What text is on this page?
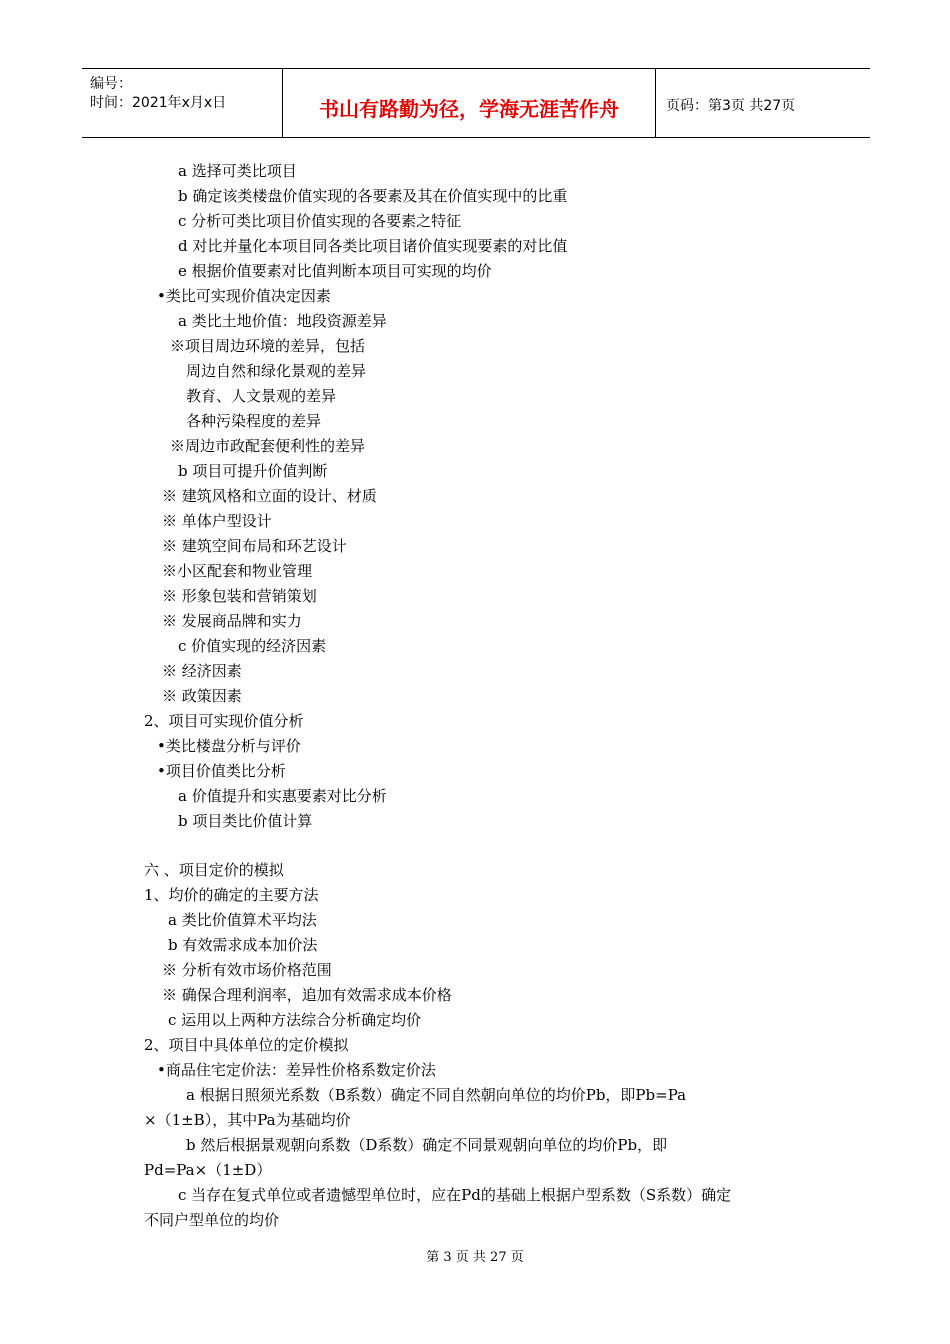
编号：
时间：2021年x月x日	书山有路勤为径，学海无涯苦作舟	页码：第3页 共27页
a 选择可类比项目
b 确定该类楼盘价值实现的各要素及其在价值实现中的比重
c 分析可类比项目价值实现的各要素之特征
d 对比并量化本项目同各类比项目诸价值实现要素的对比值
e 根据价值要素对比值判断本项目可实现的均价
•类比可实现价值决定因素
a 类比土地价值：地段资源差异
※项目周边环境的差异，包括
周边自然和绿化景观的差异
教育、人文景观的差异
各种污染程度的差异
※周边市政配套便利性的差异
b 项目可提升价值判断
※ 建筑风格和立面的设计、材质
※ 单体户型设计
※ 建筑空间布局和环艺设计
※小区配套和物业管理
※ 形象包装和营销策划
※ 发展商品牌和实力
c 价值实现的经济因素
※ 经济因素
※ 政策因素
2、项目可实现价值分析
•类比楼盘分析与评价
•项目价值类比分析
a 价值提升和实惠要素对比分析
b 项目类比价值计算
六 、项目定价的模拟
1、均价的确定的主要方法
a 类比价值算术平均法
b 有效需求成本加价法
※ 分析有效市场价格范围
※ 确保合理利润率，追加有效需求成本价格
c 运用以上两种方法综合分析确定均价
2、项目中具体单位的定价模拟
•商品住宅定价法：差异性价格系数定价法
a 根据日照须光系数（B系数）确定不同自然朝向单位的均价Pb，即Pb=Pa
×（1±B），其中Pa为基础均价
b 然后根据景观朝向系数（D系数）确定不同景观朝向单位的均价Pb，即
Pd=Pa×（1±D）
c 当存在复式单位或者遗憾型单位时，应在Pd的基础上根据户型系数（S系数）确定
不同户型单位的均价
第 3 页 共 27 页
